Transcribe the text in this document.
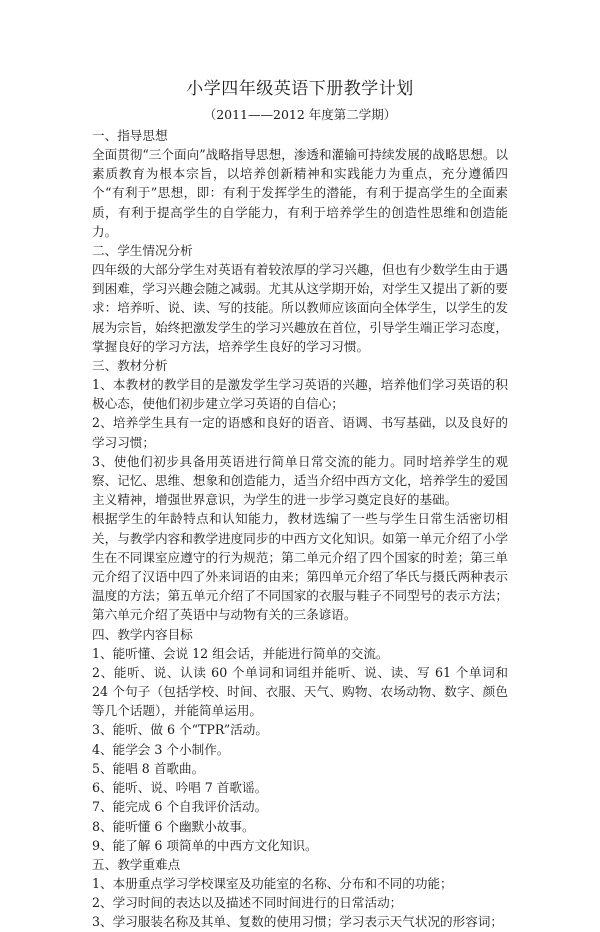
小学四年级英语下册教学计划
（2011——2012 年度第二学期）
一、指导思想
全面贯彻“三个面向”战略指导思想，渗透和灌输可持续发展的战略思想。以素质教育为根本宗旨，以培养创新精神和实践能力为重点，充分遵循四个“有利于”思想，即：有利于发挥学生的潜能，有利于提高学生的全面素质，有利于提高学生的自学能力，有利于培养学生的创造性思维和创造能力。
二、学生情况分析
四年级的大部分学生对英语有着较浓厚的学习兴趣，但也有少数学生由于遇到困难，学习兴趣会随之减弱。尤其从这学期开始，对学生又提出了新的要求：培养听、说、读、写的技能。所以教师应该面向全体学生，以学生的发展为宗旨，始终把激发学生的学习兴趣放在首位，引导学生端正学习态度，掌握良好的学习方法，培养学生良好的学习习惯。
三、教材分析
1、本教材的教学目的是激发学生学习英语的兴趣，培养他们学习英语的积极心态，使他们初步建立学习英语的自信心；
2、培养学生具有一定的语感和良好的语音、语调、书写基础，以及良好的学习习惯；
3、使他们初步具备用英语进行简单日常交流的能力。同时培养学生的观察、记忆、思维、想象和创造能力，适当介绍中西方文化，培养学生的爱国主义精神，增强世界意识，为学生的进一步学习奠定良好的基础。
根据学生的年龄特点和认知能力，教材选编了一些与学生日常生活密切相关，与教学内容和教学进度同步的中西方文化知识。如第一单元介绍了小学生在不同课室应遵守的行为规范；第二单元介绍了四个国家的时差；第三单元介绍了汉语中四了外来词语的由来；第四单元介绍了华氏与摄氏两种表示温度的方法；第五单元介绍了不同国家的衣服与鞋子不同型号的表示方法；第六单元介绍了英语中与动物有关的三条谚语。
四、教学内容目标
1、能听懂、会说 12 组会话，并能进行简单的交流。
2、能听、说、认读 60 个单词和词组并能听、说、读、写 61 个单词和 24 个句子（包括学校、时间、衣服、天气、购物、农场动物、数字、颜色等几个话题），并能简单运用。
3、能听、做 6 个“TPR”活动。
4、能学会 3 个小制作。
5、能唱 8 首歌曲。
6、能听、说、吟唱 7 首歌谣。
7、能完成 6 个自我评价活动。
8、能听懂 6 个幽默小故事。
9、能了解 6 项简单的中西方文化知识。
五、教学重难点
1、本册重点学习学校课室及功能室的名称、分布和不同的功能；
2、学习时间的表达以及描述不同时间进行的日常活动；
3、学习服装名称及其单、复数的使用习惯；学习表示天气状况的形容词；
